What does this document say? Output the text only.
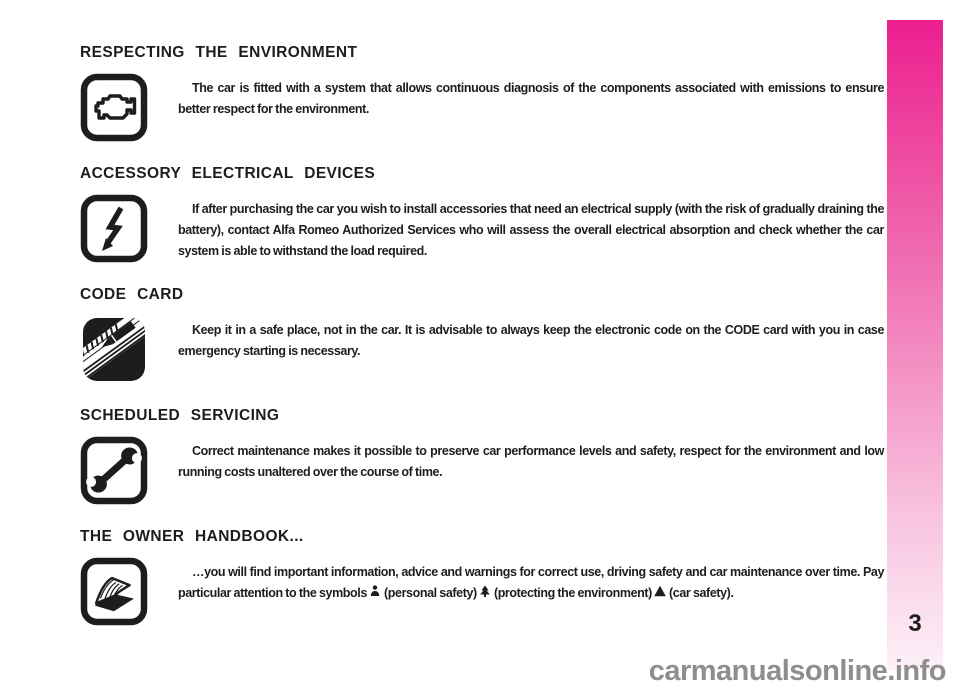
3
RESPECTING THE ENVIRONMENT

The car is fitted with a system that allows continuous diagnosis of the components associated with emissions to ensure better respect for the environment.

ACCESSORY ELECTRICAL DEVICES

If after purchasing the car you wish to install accessories that need an electrical supply (with the risk of gradually draining the battery), contact Alfa Romeo Authorized Services who will assess the overall electrical absorption and check whether the car system is able to withstand the load required.

CODE CARD

Keep it in a safe place, not in the car. It is advisable to always keep the electronic code on the CODE card with you in case emergency starting is necessary.

SCHEDULED SERVICING

Correct maintenance makes it possible to preserve car performance levels and safety, respect for the environment and low running costs unaltered over the course of time.

THE OWNER HANDBOOK...

…you will find important information, advice and warnings for correct use, driving safety and car maintenance over time. Pay particular attention to the symbols (personal safety) (protecting the environment) (car safety).

carmanualsonline.info
